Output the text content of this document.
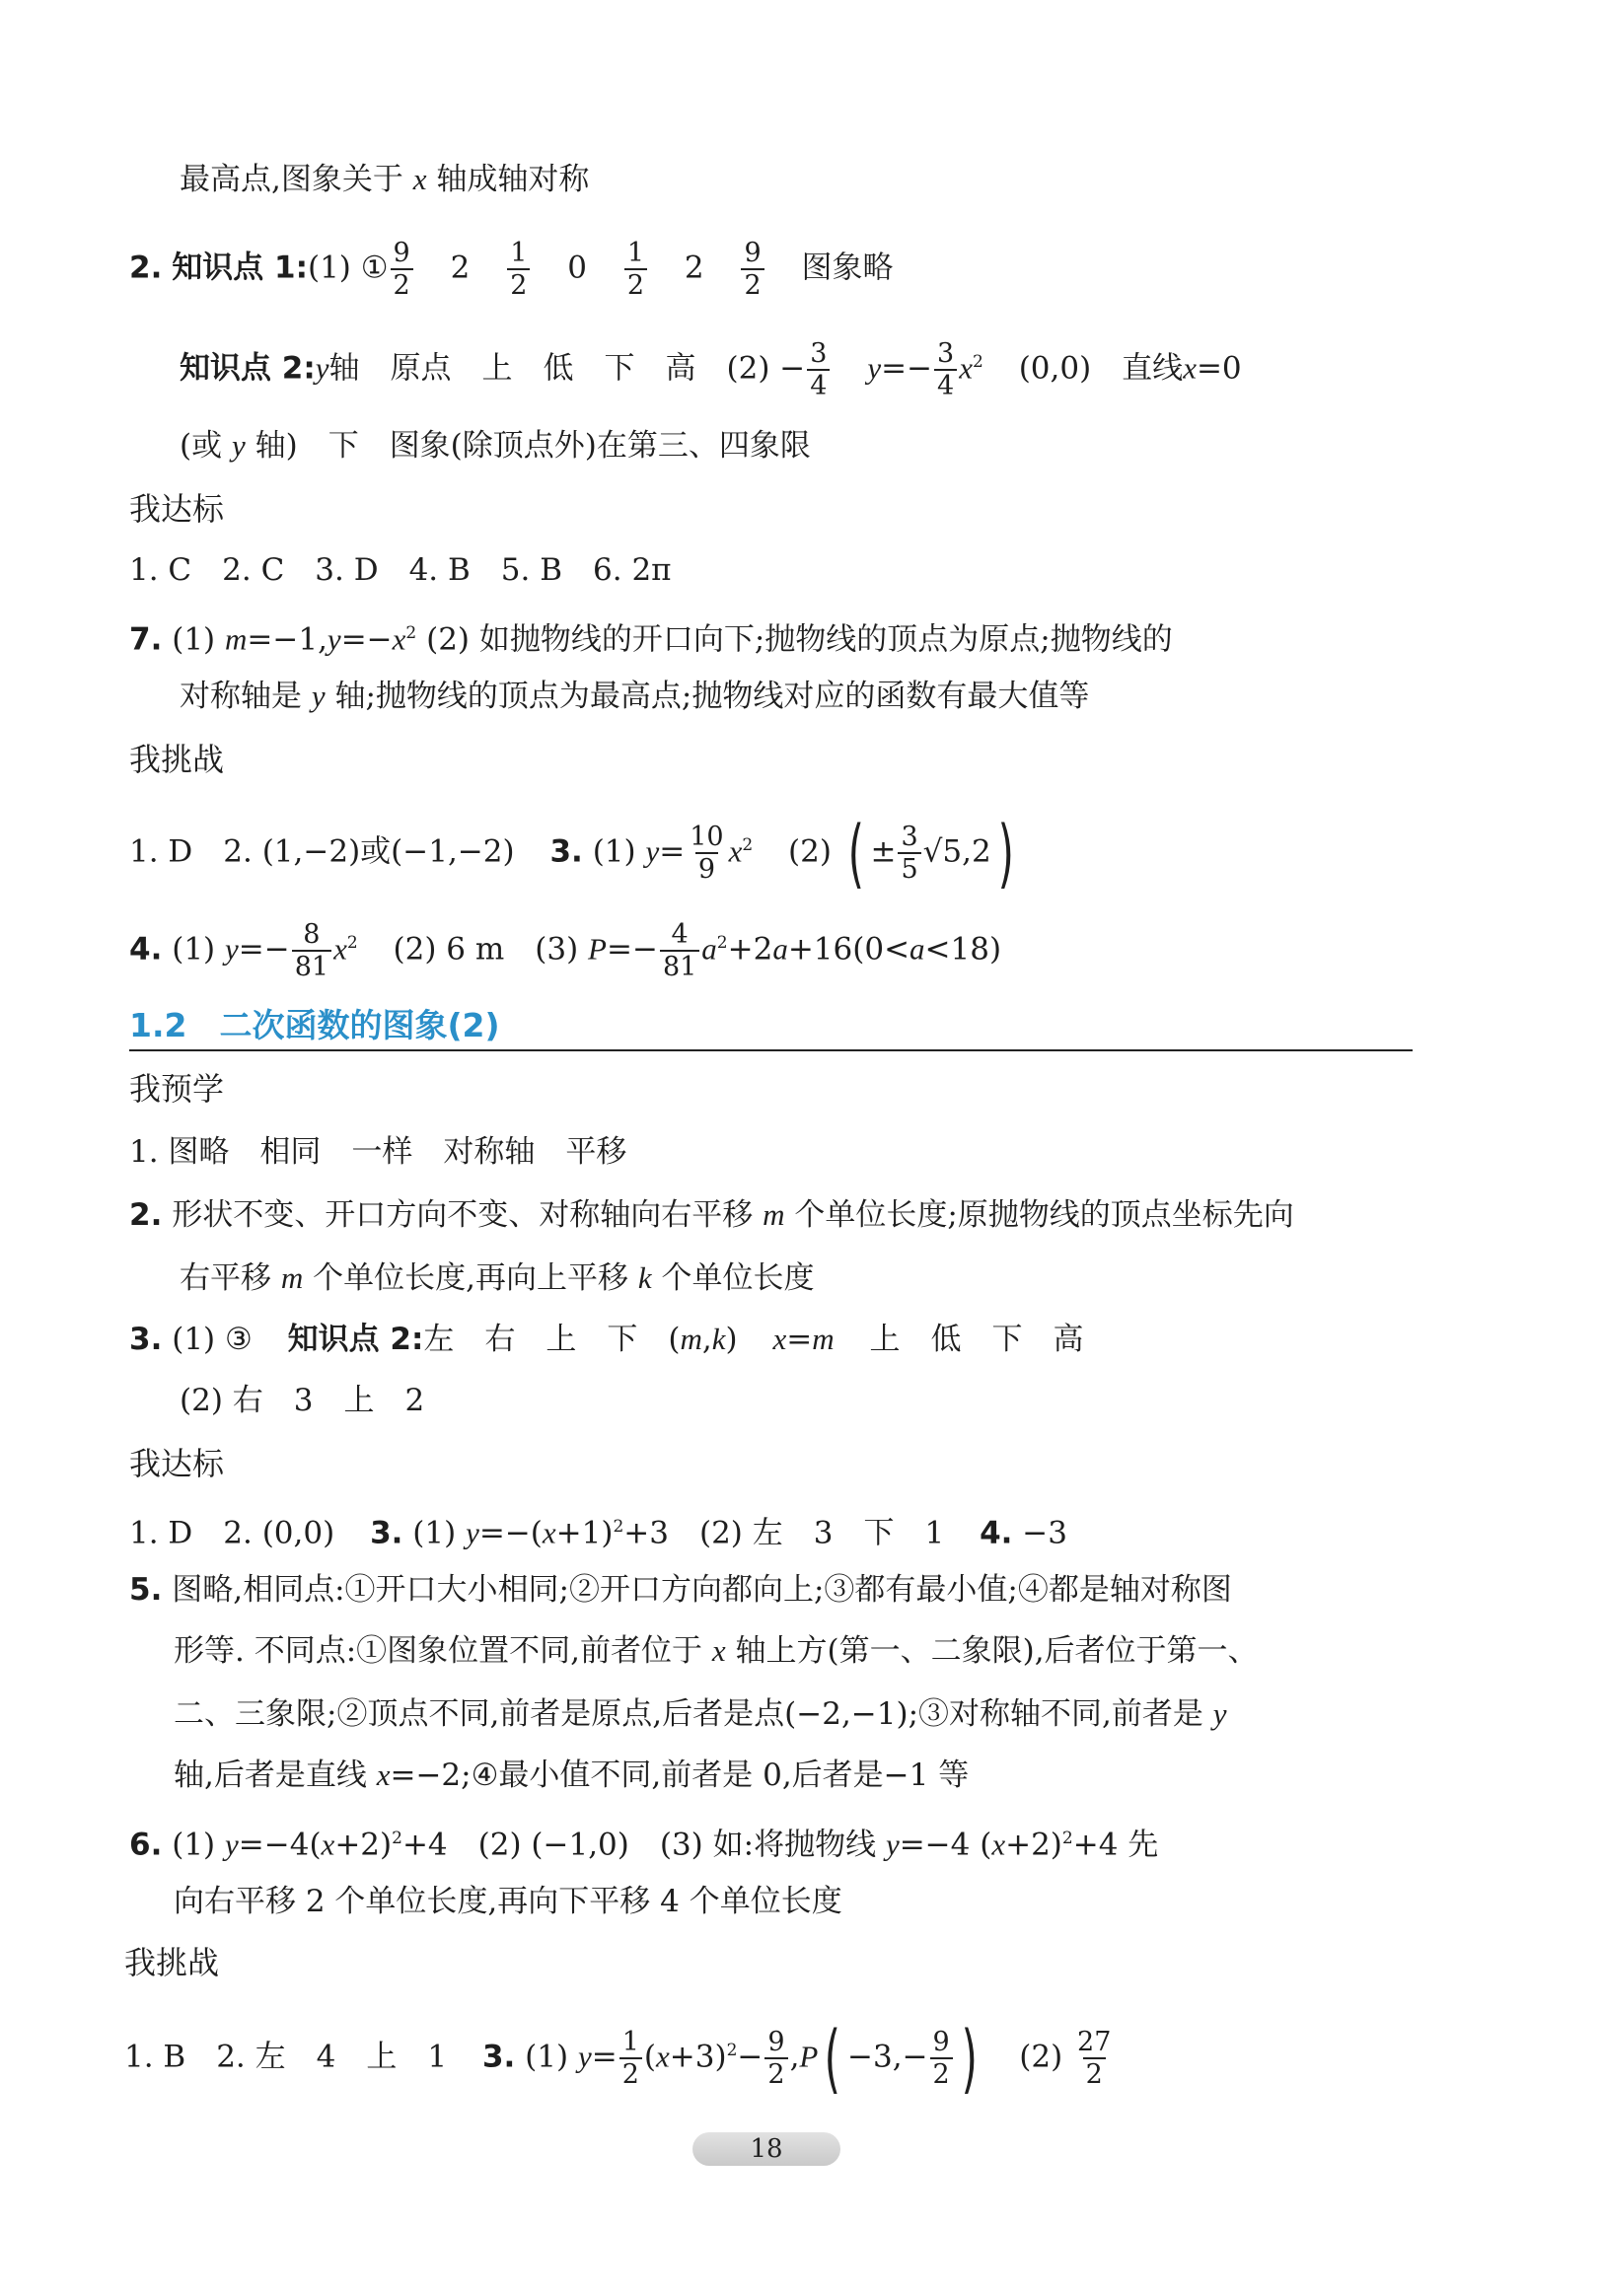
最高点,图象关于 x 轴成轴对称
2. 知识点 1:(1) ① $\frac{9}{2} 2 \frac{1}{2} 0 \frac{1}{2} 2 \frac{9}{2}$ 图象略
知识点 2:y轴　原点　上　低　下　高　$(2) - \frac{3}{4} y=- \frac{3}{4} x^2$ (0,0)　直线x=0
(或 y 轴)　下　图象(除顶点外)在第三、四象限
我达标
1. C　2. C　3. D　4. B　5. B　6. 2π
7. (1) $m=-1,y=-x^2$ (2) 如抛物线的开口向下;抛物线的顶点为原点;抛物线的
对称轴是 y 轴;抛物线的顶点为最高点;抛物线对应的函数有最大值等
我挑战
1. D　2. (1,−2)或(−1,−2) 3. (1) $y= \frac{10}{9} x^2$ (2) ( ± $\frac{3}{5} √5,2$)
4. (1) $y=- \frac{8}{81} x^2$ (2) 6 m　(3) $P=- \frac{4}{81} a^2+2a+16(0<a<18)$
1.2　二次函数的图象(2)
我预学
1. 图略　相同　一样　对称轴　平移
2. 形状不变、开口方向不变、对称轴向右平移 m 个单位长度;原抛物线的顶点坐标先向
右平移 m 个单位长度,再向上平移 k 个单位长度
3. (1) ③ 知识点 2:左　右　上　下　(m,k) x=m 上　低　下　高
(2) 右　3　上　2
我达标
1. D　2. (0,0) 3. (1) $y=-(x+1)^2+3$　(2) 左　3　下　1 4. −3
5. 图略,相同点:①开口大小相同;②开口方向都向上;③都有最小值;④都是轴对称图
形等. 不同点:①图象位置不同,前者位于 x 轴上方(第一、二象限),后者位于第一、
二、三象限;②顶点不同,前者是原点,后者是点(−2,−1);③对称轴不同,前者是 y
轴,后者是直线 x=−2;④最小值不同,前者是 0,后者是−1 等
6. (1) $y=-4(x+2)^2+4$　(2) (−1,0)　(3) 如:将抛物线 y=−4 $(x+2)^2+4$ 先
向右平移 2 个单位长度,再向下平移 4 个单位长度
我挑战
1. B　2. 左　4　上　1 3. (1) $y= \frac{1}{2} (x+3)^2- \frac{9}{2} ,P( -3,- \frac{9}{2}$ ) $(2) \frac{27}{2}$
18
